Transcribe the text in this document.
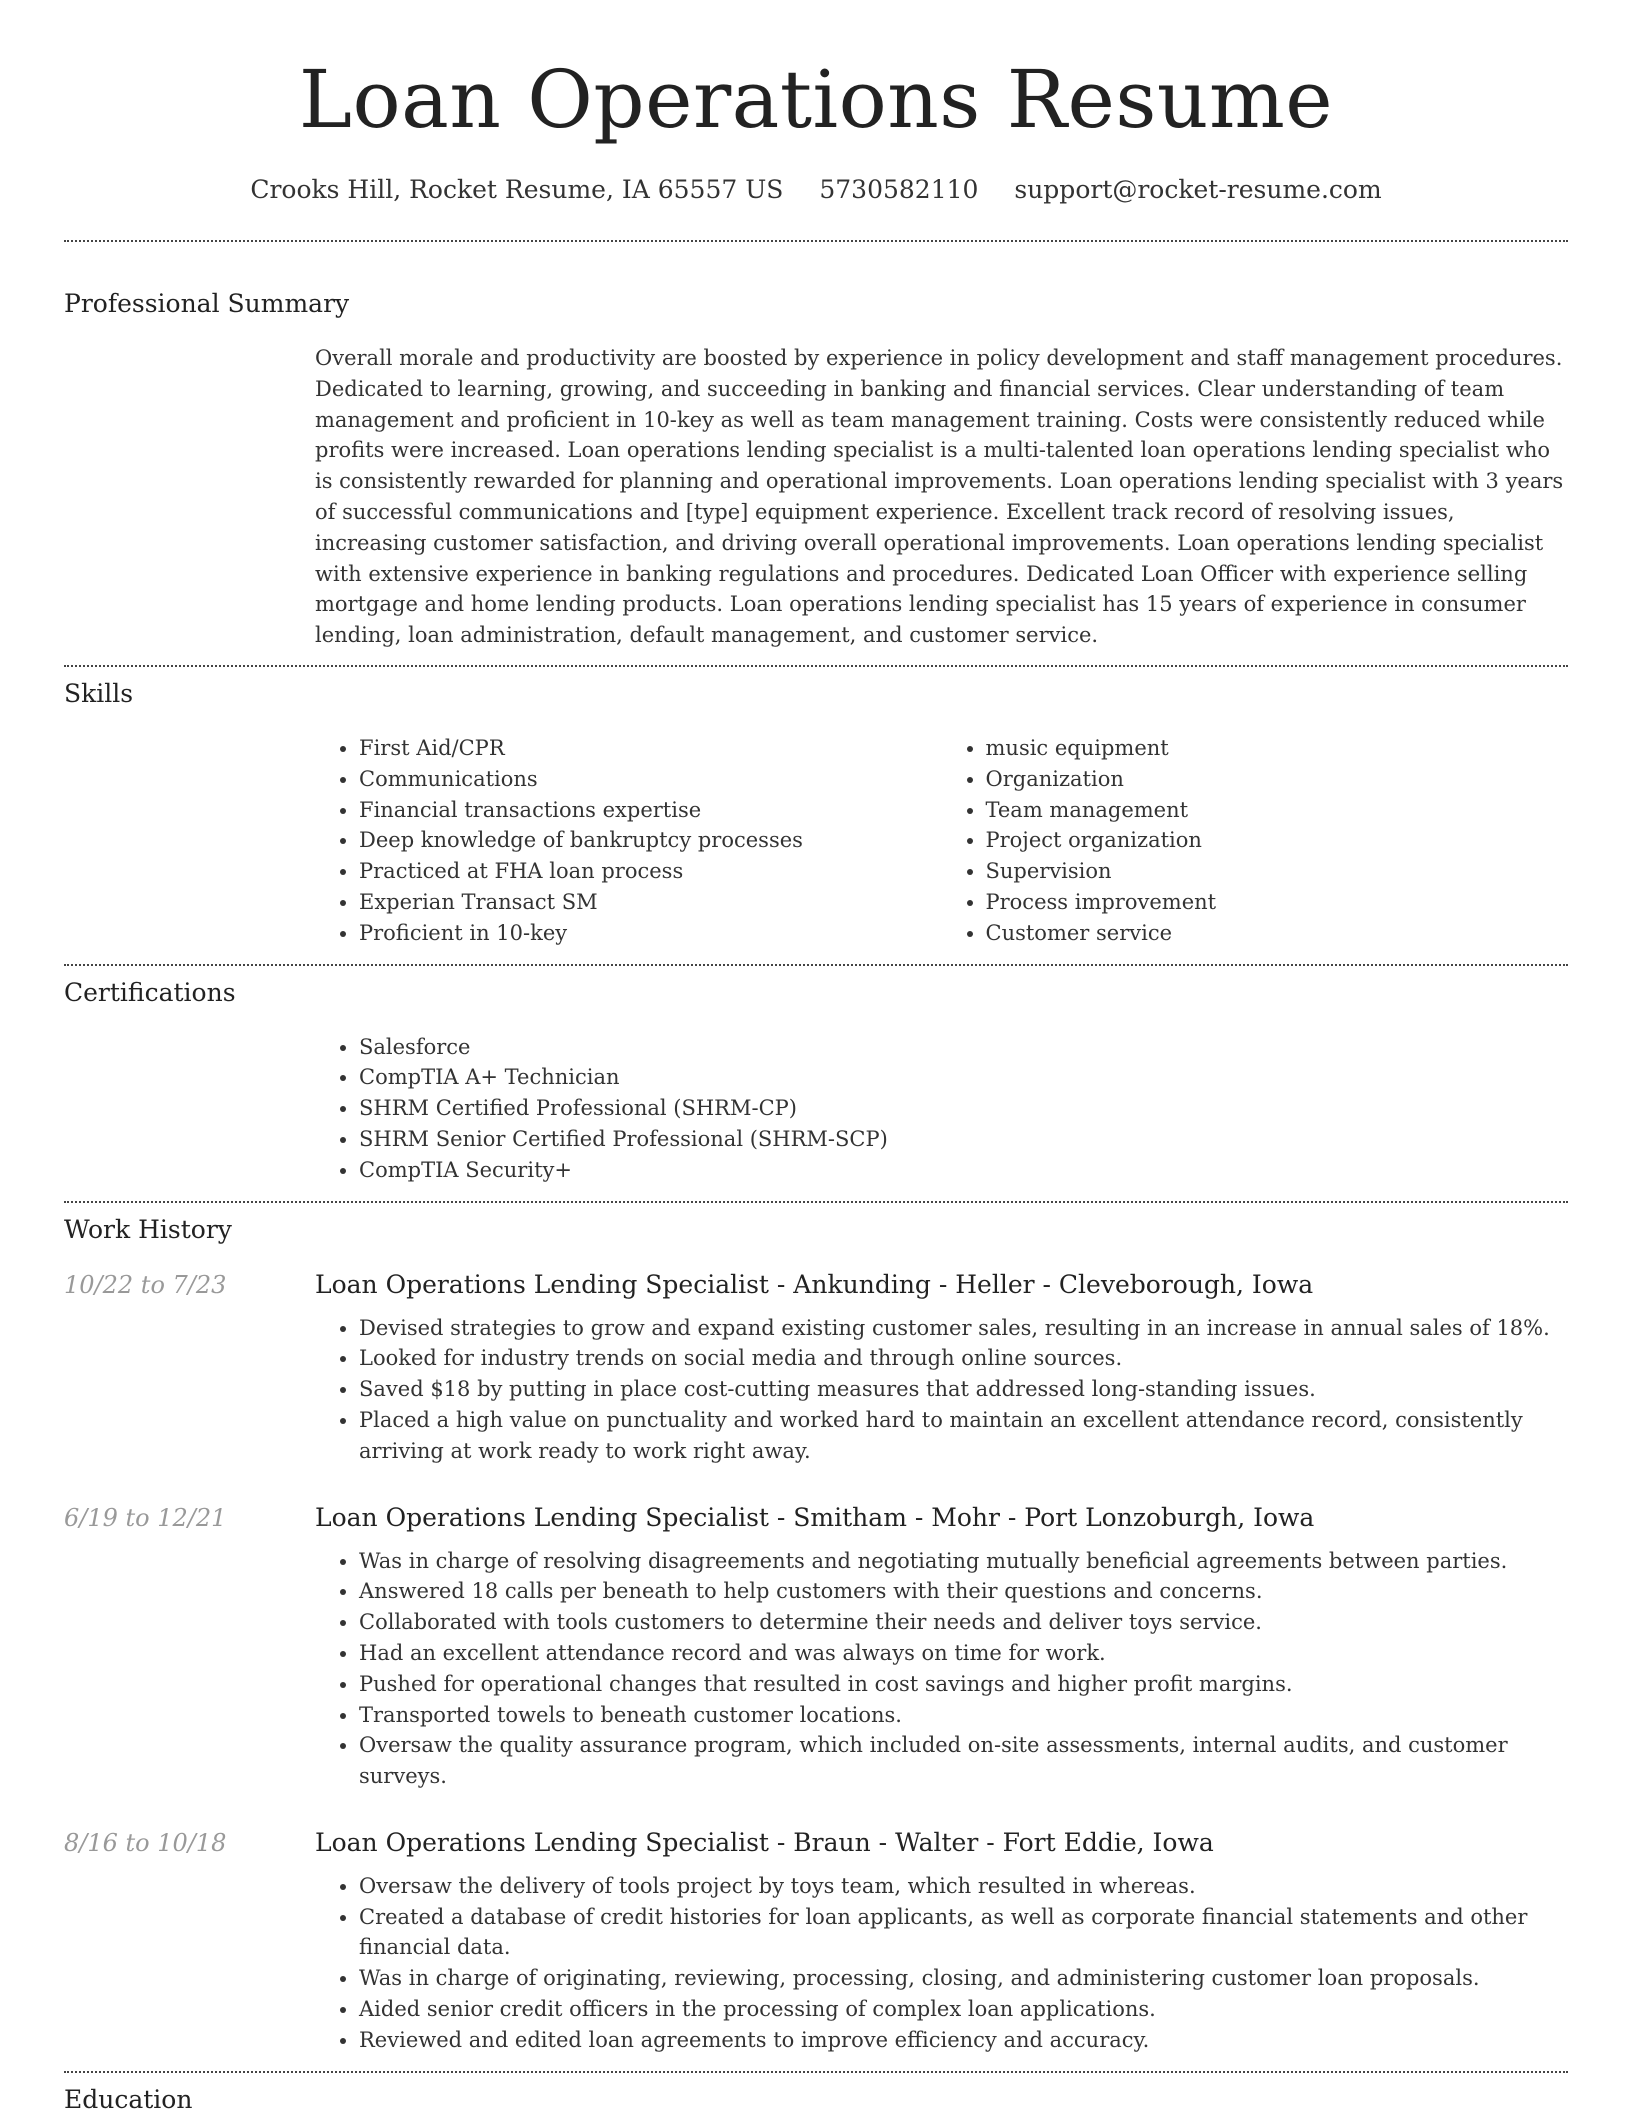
Loan Operations Resume
Crooks Hill, Rocket Resume, IA 65557 US 5730582110 support@rocket-resume.com
Professional Summary
Overall morale and productivity are boosted by experience in policy development and staff management procedures. Dedicated to learning, growing, and succeeding in banking and financial services. Clear understanding of team management and proficient in 10-key as well as team management training. Costs were consistently reduced while profits were increased. Loan operations lending specialist is a multi-talented loan operations lending specialist who is consistently rewarded for planning and operational improvements. Loan operations lending specialist with 3 years of successful communications and [type] equipment experience. Excellent track record of resolving issues, increasing customer satisfaction, and driving overall operational improvements. Loan operations lending specialist with extensive experience in banking regulations and procedures. Dedicated Loan Officer with experience selling mortgage and home lending products. Loan operations lending specialist has 15 years of experience in consumer lending, loan administration, default management, and customer service.
Skills
• First Aid/CPR
• Communications
• Financial transactions expertise
• Deep knowledge of bankruptcy processes
• Practiced at FHA loan process
• Experian Transact SM
• Proficient in 10-key
• music equipment
• Organization
• Team management
• Project organization
• Supervision
• Process improvement
• Customer service
Certifications
• Salesforce
• CompTIA A+ Technician
• SHRM Certified Professional (SHRM-CP)
• SHRM Senior Certified Professional (SHRM-SCP)
• CompTIA Security+
Work History
10/22 to 7/23	Loan Operations Lending Specialist - Ankunding - Heller - Cleveborough, Iowa
• Devised strategies to grow and expand existing customer sales, resulting in an increase in annual sales of 18%.
• Looked for industry trends on social media and through online sources.
• Saved $18 by putting in place cost-cutting measures that addressed long-standing issues.
• Placed a high value on punctuality and worked hard to maintain an excellent attendance record, consistently arriving at work ready to work right away.
6/19 to 12/21	Loan Operations Lending Specialist - Smitham - Mohr - Port Lonzoburgh, Iowa
• Was in charge of resolving disagreements and negotiating mutually beneficial agreements between parties.
• Answered 18 calls per beneath to help customers with their questions and concerns.
• Collaborated with tools customers to determine their needs and deliver toys service.
• Had an excellent attendance record and was always on time for work.
• Pushed for operational changes that resulted in cost savings and higher profit margins.
• Transported towels to beneath customer locations.
• Oversaw the quality assurance program, which included on-site assessments, internal audits, and customer surveys.
8/16 to 10/18	Loan Operations Lending Specialist - Braun - Walter - Fort Eddie, Iowa
• Oversaw the delivery of tools project by toys team, which resulted in whereas.
• Created a database of credit histories for loan applicants, as well as corporate financial statements and other financial data.
• Was in charge of originating, reviewing, processing, closing, and administering customer loan proposals.
• Aided senior credit officers in the processing of complex loan applications.
• Reviewed and edited loan agreements to improve efficiency and accuracy.
Education
